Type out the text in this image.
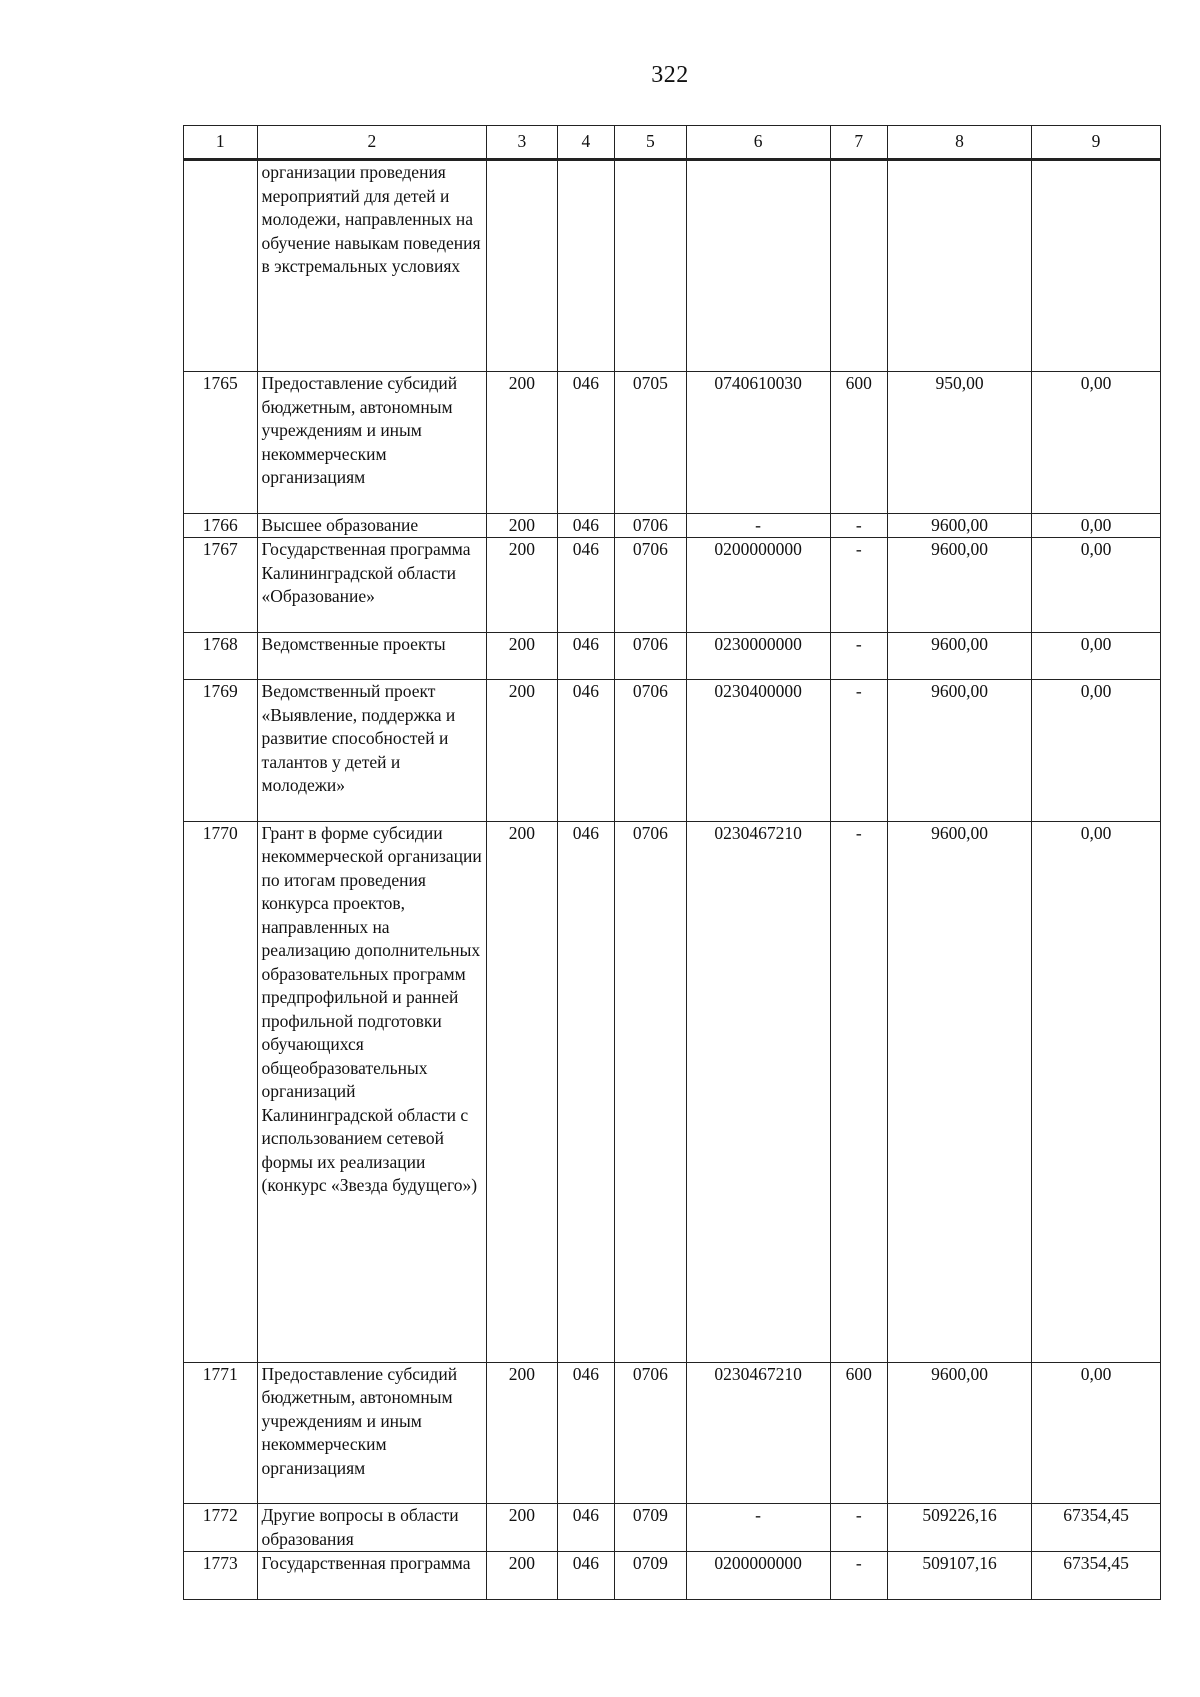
322
1	2	3	4	5	6	7	8	9
	организации проведения мероприятий для детей и молодежи, направленных на обучение навыкам поведения в экстремальных условиях							
1765	Предоставление субсидий бюджетным, автономным учреждениям и иным некоммерческим организациям	200	046	0705	0740610030	600	950,00	0,00
1766	Высшее образование	200	046	0706	-	-	9600,00	0,00
1767	Государственная программа Калининградской области «Образование»	200	046	0706	0200000000	-	9600,00	0,00
1768	Ведомственные проекты	200	046	0706	0230000000	-	9600,00	0,00
1769	Ведомственный проект «Выявление, поддержка и развитие способностей и талантов у детей и молодежи»	200	046	0706	0230400000	-	9600,00	0,00
1770	Грант в форме субсидии некоммерческой организации по итогам проведения конкурса проектов, направленных на реализацию дополнительных образовательных программ предпрофильной и ранней профильной подготовки обучающихся общеобразовательных организаций Калининградской области с использованием сетевой формы их реализации (конкурс «Звезда будущего»)	200	046	0706	0230467210	-	9600,00	0,00
1771	Предоставление субсидий бюджетным, автономным учреждениям и иным некоммерческим организациям	200	046	0706	0230467210	600	9600,00	0,00
1772	Другие вопросы в области образования	200	046	0709	-	-	509226,16	67354,45
1773	Государственная программа	200	046	0709	0200000000	-	509107,16	67354,45
